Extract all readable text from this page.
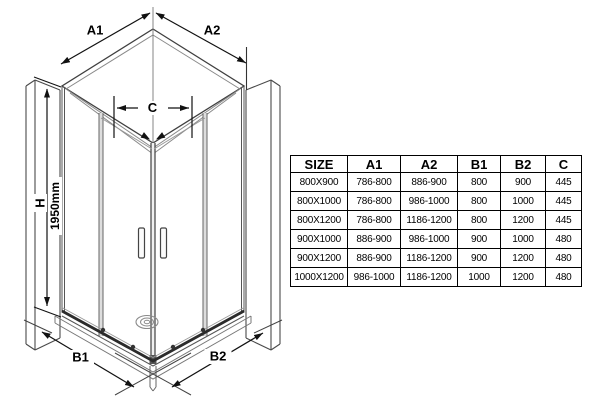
A1	A2
C
H 1950mm
B1	B2
SIZE	A1	A2	B1	B2	C
800X900	786-800	886-900	800	900	445
800X1000	786-800	986-1000	800	1000	445
800X1200	786-800	1186-1200	800	1200	445
900X1000	886-900	986-1000	900	1000	480
900X1200	886-900	1186-1200	900	1200	480
1000X1200	986-1000	1186-1200	1000	1200	480
